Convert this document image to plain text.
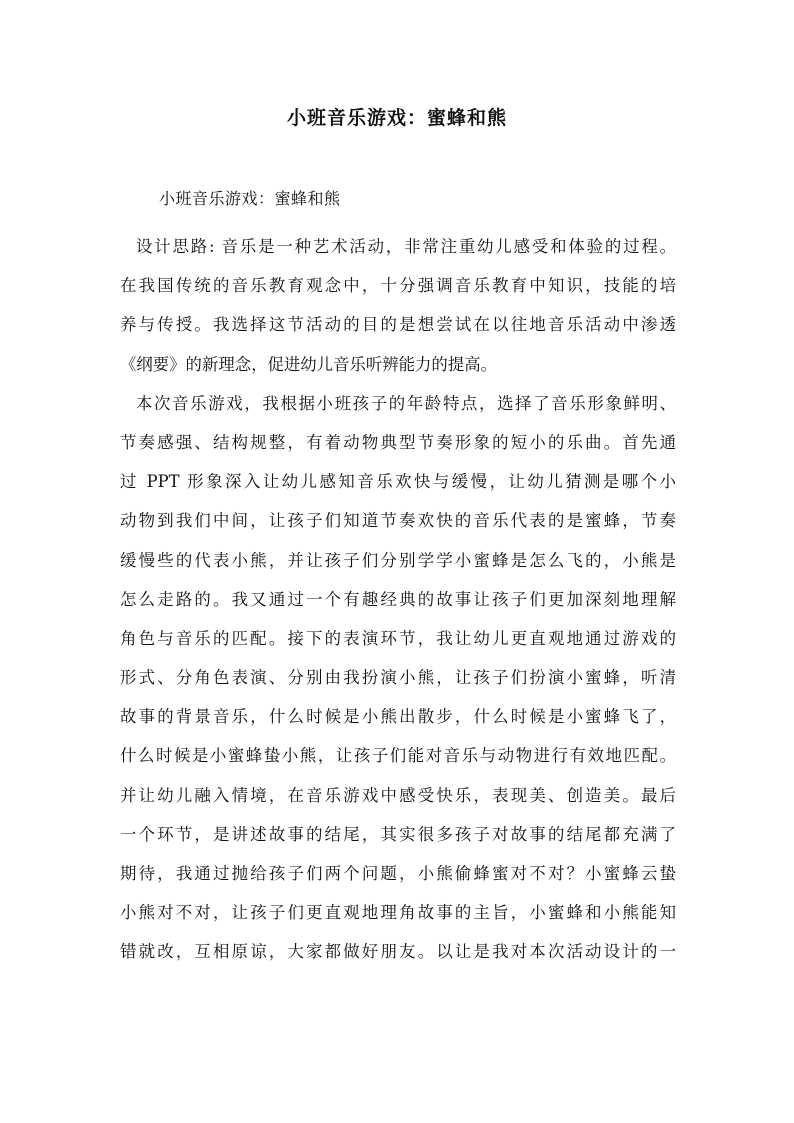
小班音乐游戏：蜜蜂和熊
小班音乐游戏：蜜蜂和熊
设计思路: 音乐是一种艺术活动，非常注重幼儿感受和体验的过程。
在我国传统的音乐教育观念中，十分强调音乐教育中知识，技能的培
养与传授。我选择这节活动的目的是想尝试在以往地音乐活动中渗透
《纲要》的新理念，促进幼儿音乐听辨能力的提高。
本次音乐游戏，我根据小班孩子的年龄特点，选择了音乐形象鲜明、
节奏感强、结构规整，有着动物典型节奏形象的短小的乐曲。首先通
过 PPT 形象深入让幼儿感知音乐欢快与缓慢，让幼儿猜测是哪个小
动物到我们中间，让孩子们知道节奏欢快的音乐代表的是蜜蜂，节奏
缓慢些的代表小熊，并让孩子们分别学学小蜜蜂是怎么飞的，小熊是
怎么走路的。我又通过一个有趣经典的故事让孩子们更加深刻地理解
角色与音乐的匹配。接下的表演环节，我让幼儿更直观地通过游戏的
形式、分角色表演、分别由我扮演小熊，让孩子们扮演小蜜蜂，听清
故事的背景音乐，什么时候是小熊出散步，什么时候是小蜜蜂飞了，
什么时候是小蜜蜂蛰小熊，让孩子们能对音乐与动物进行有效地匹配。
并让幼儿融入情境，在音乐游戏中感受快乐，表现美、创造美。最后
一个环节，是讲述故事的结尾，其实很多孩子对故事的结尾都充满了
期待，我通过抛给孩子们两个问题，小熊偷蜂蜜对不对？小蜜蜂云蛰
小熊对不对，让孩子们更直观地理角故事的主旨，小蜜蜂和小熊能知
错就改，互相原谅，大家都做好朋友。以让是我对本次活动设计的一
